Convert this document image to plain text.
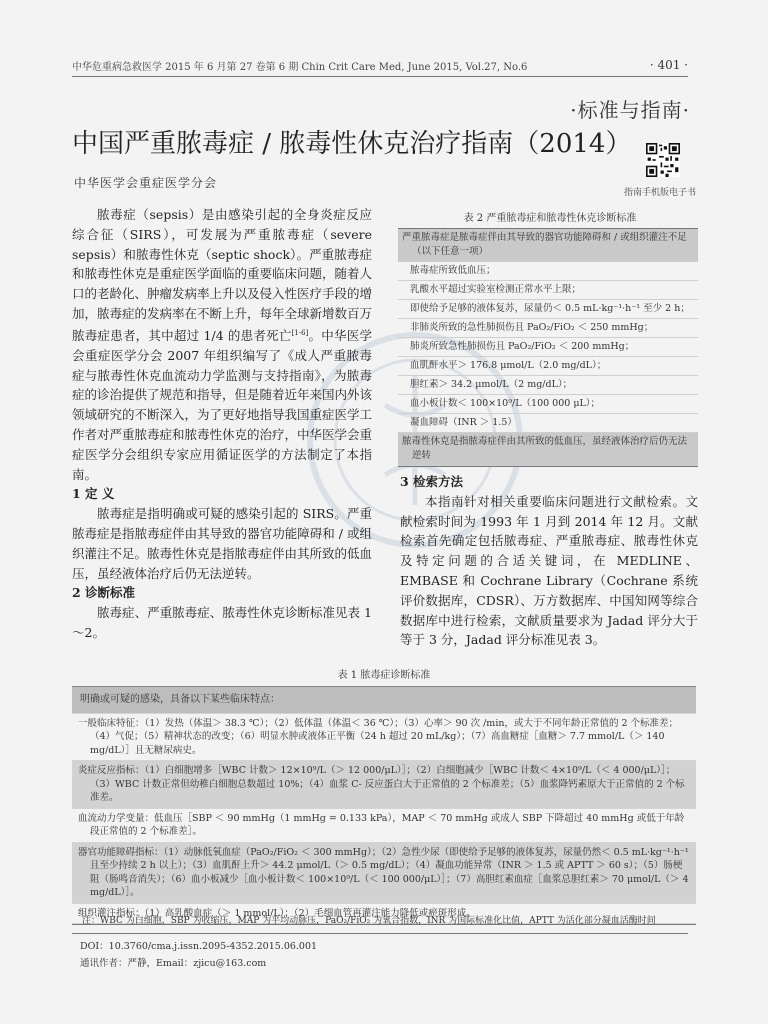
中华危重病急救医学 2015 年 6 月第 27 卷第 6 期 Chin Crit Care Med, June 2015, Vol.27, No.6	· 401 ·
·标准与指南·
中国严重脓毒症 / 脓毒性休克治疗指南（2014）
指南手机版电子书
中华医学会重症医学分会

脓毒症（sepsis）是由感染引起的全身炎症反应综合征（SIRS），可发展为严重脓毒症（severe sepsis）和脓毒性休克（septic shock）。严重脓毒症和脓毒性休克是重症医学面临的重要临床问题，随着人口的老龄化、肿瘤发病率上升以及侵入性医疗手段的增加，脓毒症的发病率在不断上升，每年全球新增数百万脓毒症患者，其中超过 1/4 的患者死亡[1-6]。中华医学会重症医学分会 2007 年组织编写了《成人严重脓毒症与脓毒性休克血流动力学监测与支持指南》，为脓毒症的诊治提供了规范和指导，但是随着近年来国内外该领域研究的不断深入，为了更好地指导我国重症医学工作者对严重脓毒症和脓毒性休克的治疗，中华医学会重症医学分会组织专家应用循证医学的方法制定了本指南。

1 定 义

脓毒症是指明确或可疑的感染引起的 SIRS。严重脓毒症是指脓毒症伴由其导致的器官功能障碍和 / 或组织灌注不足。脓毒性休克是指脓毒症伴由其所致的低血压，虽经液体治疗后仍无法逆转。

2 诊断标准

脓毒症、严重脓毒症、脓毒性休克诊断标准见表 1～2。

表 2 严重脓毒症和脓毒性休克诊断标准
严重脓毒症是脓毒症伴由其导致的器官功能障碍和 / 或组织灌注不足（以下任意一项）
脓毒症所致低血压；
乳酸水平超过实验室检测正常水平上限；
即使给予足够的液体复苏，尿量仍＜ 0.5 mL·kg⁻¹·h⁻¹ 至少 2 h；
非肺炎所致的急性肺损伤且 PaO₂/FiO₂ ＜ 250 mmHg；
肺炎所致急性肺损伤且 PaO₂/FiO₂ ＜ 200 mmHg；
血肌酐水平＞ 176.8 μmol/L（2.0 mg/dL）；
胆红素＞ 34.2 μmol/L（2 mg/dL）；
血小板计数＜ 100×10⁹/L（100 000 μL）；
凝血障碍（INR ＞ 1.5）
脓毒性休克是指脓毒症伴由其所致的低血压，虽经液体治疗后仍无法逆转

3 检索方法

本指南针对相关重要临床问题进行文献检索。文献检索时间为 1993 年 1 月到 2014 年 12 月。文献检索首先确定包括脓毒症、严重脓毒症、脓毒性休克及特定问题的合适关键词，在 MEDLINE、EMBASE 和 Cochrane Library（Cochrane 系统评价数据库，CDSR）、万方数据库、中国知网等综合数据库中进行检索，文献质量要求为 Jadad 评分大于等于 3 分，Jadad 评分标准见表 3。

表 1 脓毒症诊断标准
明确或可疑的感染，具备以下某些临床特点：
一般临床特征：（1）发热（体温＞ 38.3 ℃）；（2）低体温（体温＜ 36 ℃）；（3）心率＞ 90 次 /min，或大于不同年龄正常值的 2 个标准差；（4）气促；（5）精神状态的改变；（6）明显水肿或液体正平衡（24 h 超过 20 mL/kg）；（7）高血糖症［血糖＞ 7.7 mmol/L（＞ 140 mg/dL）］且无糖尿病史。
炎症反应指标：（1）白细胞增多［WBC 计数＞ 12×10⁹/L（＞ 12 000/μL）］；（2）白细胞减少［WBC 计数＜ 4×10⁹/L（＜ 4 000/μL）］；（3）WBC 计数正常但幼稚白细胞总数超过 10%；（4）血浆 C- 反应蛋白大于正常值的 2 个标准差；（5）血浆降钙素原大于正常值的 2 个标准差。
血流动力学变量：低血压［SBP ＜ 90 mmHg（1 mmHg = 0.133 kPa），MAP ＜ 70 mmHg 或成人 SBP 下降超过 40 mmHg 或低于年龄段正常值的 2 个标准差］。
器官功能障碍指标：（1）动脉低氧血症（PaO₂/FiO₂ ＜ 300 mmHg）；（2）急性少尿（即使给予足够的液体复苏，尿量仍然＜ 0.5 mL·kg⁻¹·h⁻¹ 且至少持续 2 h 以上）；（3）血肌酐上升＞ 44.2 μmol/L（＞ 0.5 mg/dL）；（4）凝血功能异常（INR ＞ 1.5 或 APTT ＞ 60 s）；（5）肠梗阻（肠鸣音消失）；（6）血小板减少［血小板计数＜ 100×10⁹/L（＜ 100 000/μL）］；（7）高胆红素血症［血浆总胆红素＞ 70 μmol/L（＞ 4 mg/dL）］。
组织灌注指标：（1）高乳酸血症（＞ 1 mmol/L）；（2）毛细血管再灌注能力降低或瘀斑形成。
注：WBC 为白细胞，SBP 为收缩压，MAP 为平均动脉压，PaO₂/FiO₂ 为氧合指数，INR 为国际标准化比值，APTT 为活化部分凝血活酶时间
DOI：10.3760/cma.j.issn.2095-4352.2015.06.001
通讯作者：严静，Email：zjicu@163.com
